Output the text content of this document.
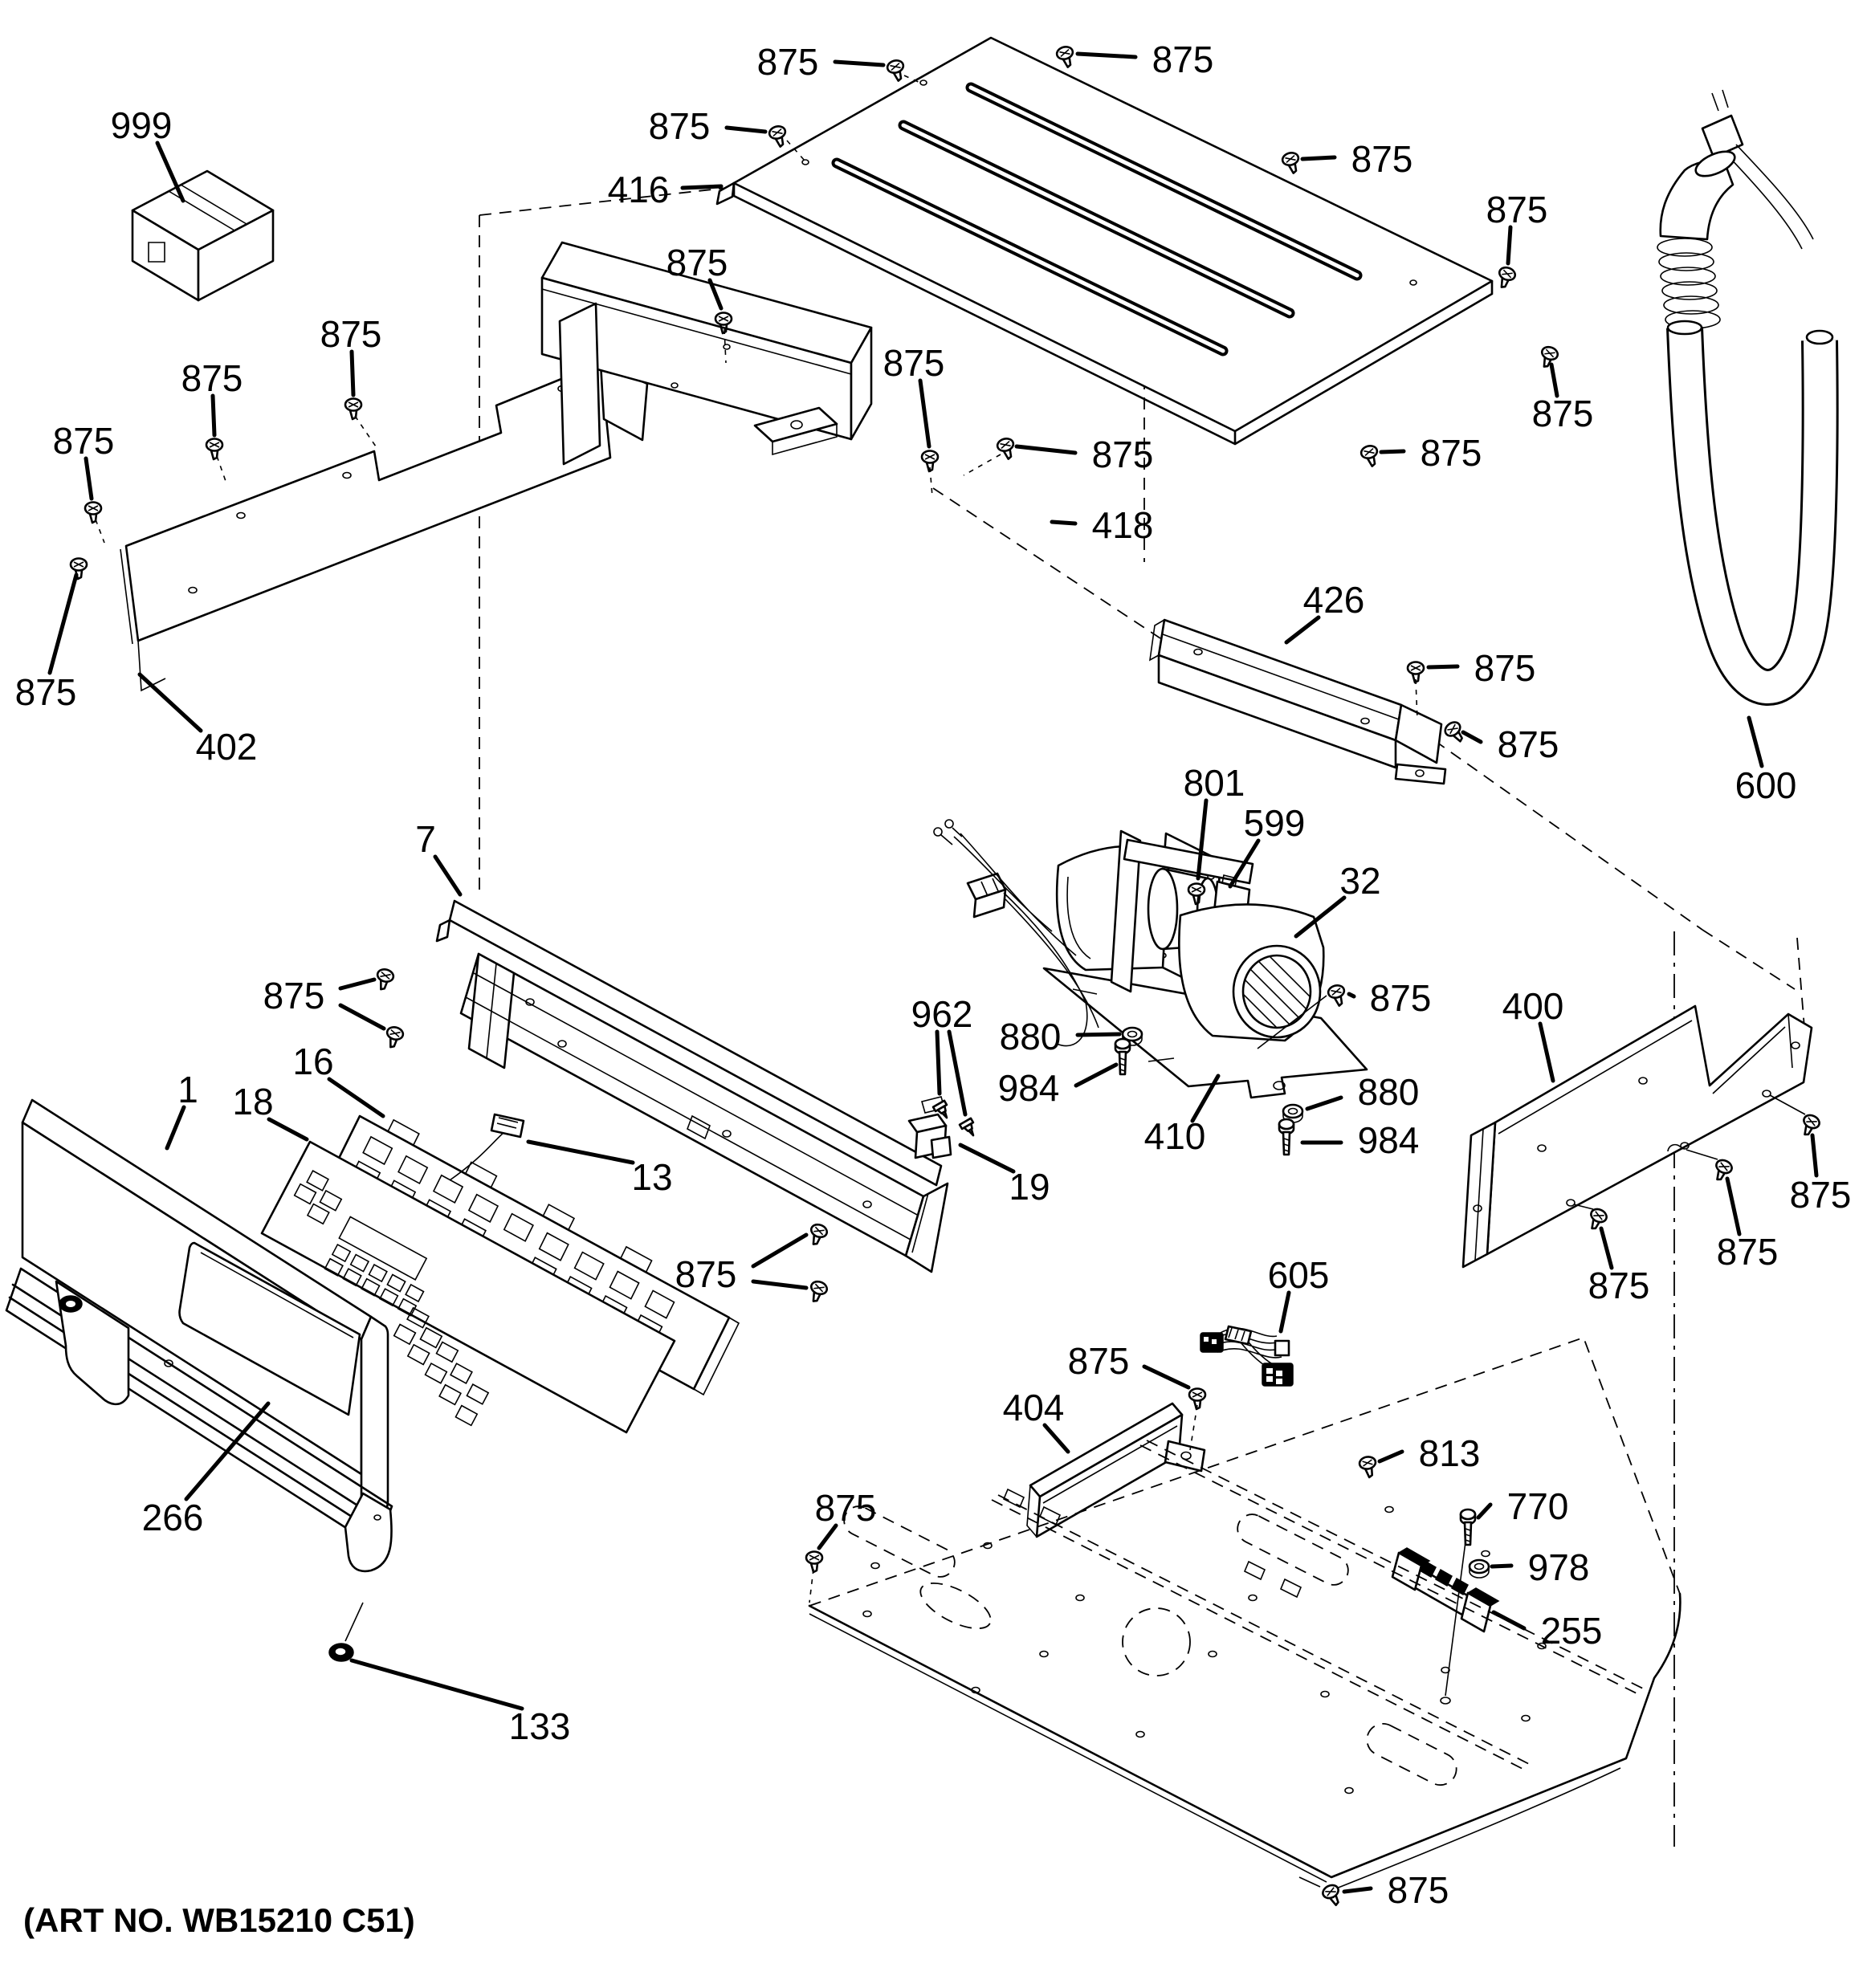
999
875
875
875
875
402
875	875
875
416
875
875
875
418
875
875
875
875
426
875
875
600
599
32
801
875
962
880
984
410
880
984
400
875
875
875
605
875
404
875
813
770
978
255
875
266
133
1 18
16
7
875
13
875
19
(ART NO. WB15210 C51)
